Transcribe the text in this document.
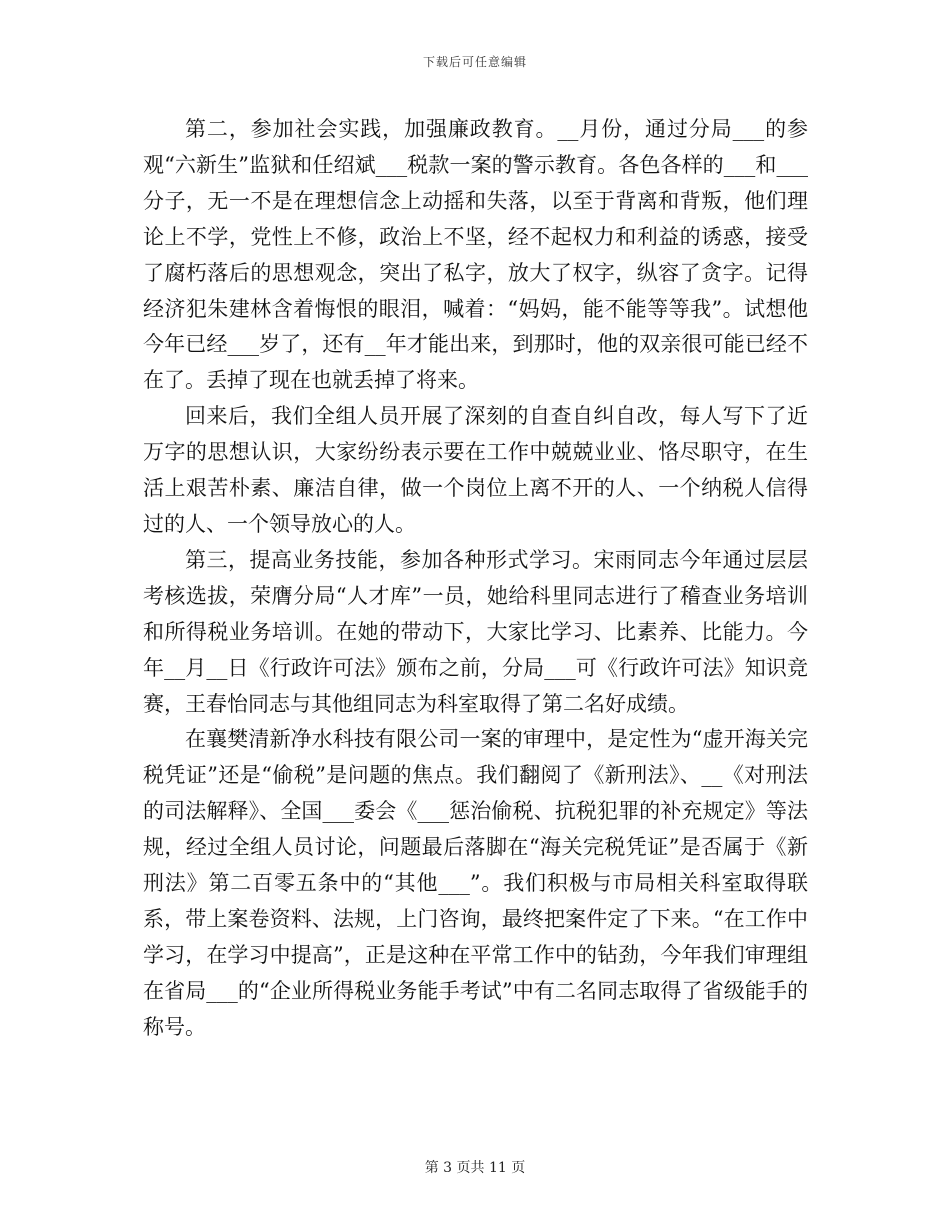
下载后可任意编辑

第二，参加社会实践，加强廉政教育。__月份，通过分局___的参观“六新生”监狱和任绍斌___税款一案的警示教育。各色各样的___和___分子，无一不是在理想信念上动摇和失落，以至于背离和背叛，他们理论上不学，党性上不修，政治上不坚，经不起权力和利益的诱惑，接受了腐朽落后的思想观念，突出了私字，放大了权字，纵容了贪字。记得经济犯朱建林含着悔恨的眼泪，喊着：“妈妈，能不能等等我”。试想他今年已经___岁了，还有__年才能出来，到那时，他的双亲很可能已经不在了。丢掉了现在也就丢掉了将来。

回来后，我们全组人员开展了深刻的自查自纠自改，每人写下了近万字的思想认识，大家纷纷表示要在工作中兢兢业业、恪尽职守，在生活上艰苦朴素、廉洁自律，做一个岗位上离不开的人、一个纳税人信得过的人、一个领导放心的人。

第三，提高业务技能，参加各种形式学习。宋雨同志今年通过层层考核选拔，荣膺分局“人才库”一员，她给科里同志进行了稽查业务培训和所得税业务培训。在她的带动下，大家比学习、比素养、比能力。今年__月__日《行政许可法》颁布之前，分局___可《行政许可法》知识竞赛，王春怡同志与其他组同志为科室取得了第二名好成绩。

在襄樊清新净水科技有限公司一案的审理中，是定性为“虚开海关完税凭证”还是“偷税”是问题的焦点。我们翻阅了《新刑法》、__《对刑法的司法解释》、全国___委会《___惩治偷税、抗税犯罪的补充规定》等法规，经过全组人员讨论，问题最后落脚在“海关完税凭证”是否属于《新刑法》第二百零五条中的“其他___”。我们积极与市局相关科室取得联系，带上案卷资料、法规，上门咨询，最终把案件定了下来。“在工作中学习，在学习中提高”，正是这种在平常工作中的钻劲，今年我们审理组在省局___的“企业所得税业务能手考试”中有二名同志取得了省级能手的称号。

第 3 页共 11 页
